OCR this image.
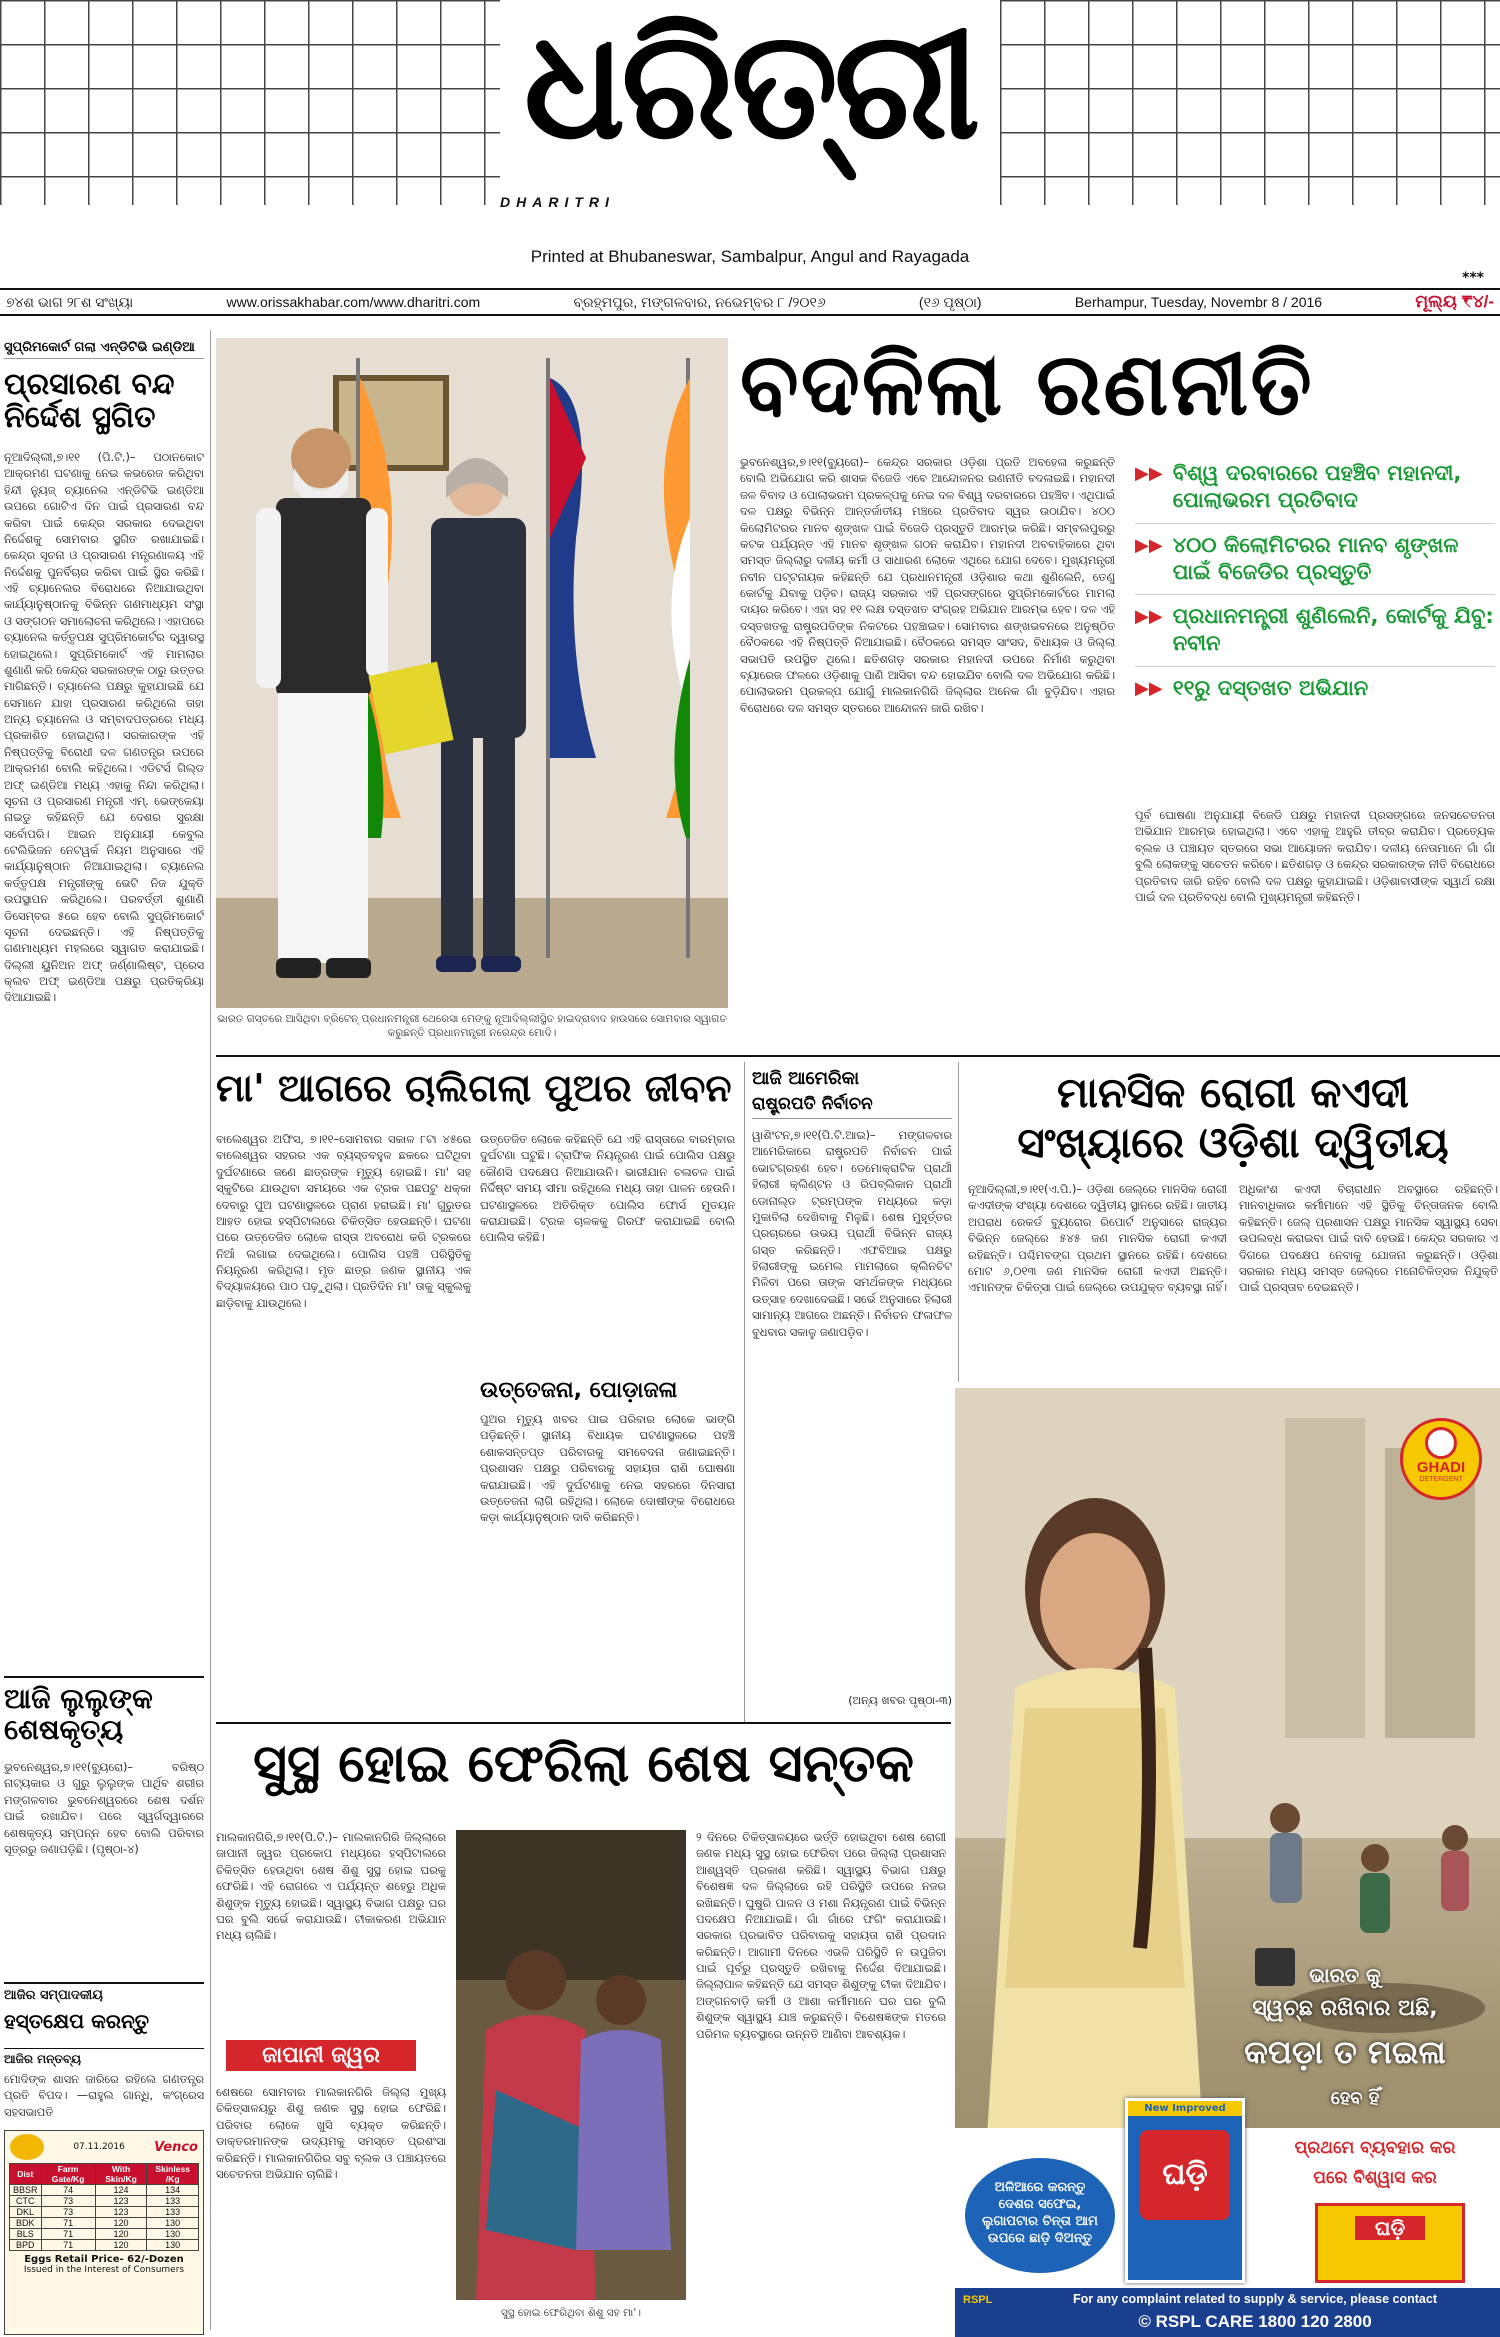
ଧରିତ୍ରୀ
DHARITRI
Printed at Bhubaneswar, Sambalpur, Angul and Rayagada
***
୭୪ଶ ଭାଗ ୨୮ଶ ସଂଖ୍ୟା	www.orissakhabar.com/www.dharitri.com	ବ୍ରହ୍ମପୁର, ମଙ୍ଗଳବାର, ନଭେମ୍ବର ୮ /୨୦୧୬	(୧୬ ପୃଷ୍ଠା)	Berhampur, Tuesday, Novembr 8 / 2016	ମୂଲ୍ୟ ₹୪/-
ସୁପ୍ରିମକୋର୍ଟ ଗଲା ଏନ୍‌ଡିଟିଭି ଇଣ୍ଡିଆ
ପ୍ରସାରଣ ବନ୍ଦ ନିର୍ଦ୍ଦେଶ ସ୍ଥଗିତ
ନୂଆଦିଲ୍ଲୀ,୭।୧୧ (ପି.ଟି.)– ପଠାନକୋଟ ଆକ୍ରମଣ ଘଟଣାକୁ ନେଇ କଭରେଜ କରିଥିବା ହିନ୍ଦୀ ନ୍ୟୁଜ୍ ଚ୍ୟାନେଲ ଏନ୍‌ଡିଟିଭି ଇଣ୍ଡିଆ ଉପରେ ଗୋଟିଏ ଦିନ ପାଇଁ ପ୍ରସାରଣ ବନ୍ଦ କରିବା ପାଇଁ କେନ୍ଦ୍ର ସରକାର ଦେଇଥିବା ନିର୍ଦ୍ଦେଶକୁ ସୋମବାର ସ୍ଥଗିତ ରଖାଯାଇଛି। କେନ୍ଦ୍ର ସୂଚନା ଓ ପ୍ରସାରଣ ମନ୍ତ୍ରଣାଳୟ ଏହି ନିର୍ଦ୍ଦେଶକୁ ପୁନର୍ବିଚାର କରିବା ପାଇଁ ସ୍ଥିର କରିଛି। ଏହି ଚ୍ୟାନେଲର ବିରୋଧରେ ନିଆଯାଇଥିବା କାର୍ଯ୍ୟାନୁଷ୍ଠାନକୁ ବିଭିନ୍ନ ଗଣମାଧ୍ୟମ ସଂସ୍ଥା ଓ ସଙ୍ଗଠନ ସମାଲୋଚନା କରିଥିଲେ। ଏହାପରେ ଚ୍ୟାନେଲ କର୍ତ୍ତୃପକ୍ଷ ସୁପ୍ରିମକୋର୍ଟର ଦ୍ୱାରସ୍ଥ ହୋଇଥିଲେ। ସୁପ୍ରିମକୋର୍ଟ ଏହି ମାମଲାର ଶୁଣାଣି କରି କେନ୍ଦ୍ର ସରକାରଙ୍କ ଠାରୁ ଉତ୍ତର ମାଗିଛନ୍ତି। ଚ୍ୟାନେଲ ପକ୍ଷରୁ କୁହାଯାଇଛି ଯେ ସେମାନେ ଯାହା ପ୍ରସାରଣ କରିଥିଲେ ତାହା ଅନ୍ୟ ଚ୍ୟାନେଲ ଓ ସମ୍ବାଦପତ୍ରରେ ମଧ୍ୟ ପ୍ରକାଶିତ ହୋଇଥିଲା। ସରକାରଙ୍କ ଏହି ନିଷ୍ପତ୍ତିକୁ ବିରୋଧୀ ଦଳ ଗଣତନ୍ତ୍ର ଉପରେ ଆକ୍ରମଣ ବୋଲି କହିଥିଲେ। ଏଡିଟର୍ସ ଗିଲ୍ଡ ଅଫ୍ ଇଣ୍ଡିଆ ମଧ୍ୟ ଏହାକୁ ନିନ୍ଦା କରିଥିଲା। ସୂଚନା ଓ ପ୍ରସାରଣ ମନ୍ତ୍ରୀ ଏମ୍. ଭେଙ୍କେୟା ନାଇଡୁ କହିଛନ୍ତି ଯେ ଦେଶର ସୁରକ୍ଷା ସର୍ବୋପରି। ଆଇନ ଅନୁଯାୟୀ କେବୁଲ ଟେଲିଭିଜନ ନେଟୱର୍କ ନିୟମ ଅନୁସାରେ ଏହି କାର୍ଯ୍ୟାନୁଷ୍ଠାନ ନିଆଯାଇଥିଲା। ଚ୍ୟାନେଲ କର୍ତ୍ତୃପକ୍ଷ ମନ୍ତ୍ରୀଙ୍କୁ ଭେଟି ନିଜ ଯୁକ୍ତି ଉପସ୍ଥାପନ କରିଥିଲେ। ପରବର୍ତ୍ତୀ ଶୁଣାଣି ଡିସେମ୍ବର ୫ରେ ହେବ ବୋଲି ସୁପ୍ରିମକୋର୍ଟ ସୂଚନା ଦେଇଛନ୍ତି। ଏହି ନିଷ୍ପତ୍ତିକୁ ଗଣମାଧ୍ୟମ ମହଲରେ ସ୍ୱାଗତ କରାଯାଇଛି। ଦିଲ୍ଲୀ ୟୁନିଅନ ଅଫ୍ ଜର୍ଣ୍ଣାଲିଷ୍ଟ, ପ୍ରେସ କ୍ଲବ ଅଫ୍ ଇଣ୍ଡିଆ ପକ୍ଷରୁ ପ୍ରତିକ୍ରିୟା ଦିଆଯାଇଛି।
ଆଜି ଲୁଲୁଙ୍କ ଶେଷକୃତ୍ୟ
ଭୁବନେଶ୍ୱର,୭।୧୧(ବ୍ୟୁରୋ)– ବରିଷ୍ଠ ନାଟ୍ୟକାର ଓ ଗୁରୁ ଲୁଲୁଙ୍କ ପାର୍ଥିବ ଶରୀର ମଙ୍ଗଳବାର ଭୁବନେଶ୍ୱରରେ ଶେଷ ଦର୍ଶନ ପାଇଁ ରଖାଯିବ। ପରେ ସ୍ୱର୍ଗଦ୍ୱାରରେ ଶେଷକୃତ୍ୟ ସମ୍ପନ୍ନ ହେବ ବୋଲି ପରିବାର ସୂତ୍ରରୁ ଜଣାପଡ଼ିଛି। (ପୃଷ୍ଠା-୪)
ଆଜିର ସମ୍ପାଦକୀୟ
ହସ୍ତକ୍ଷେପ କରନ୍ତୁ
ଆଜିର ମନ୍ତବ୍ୟ
ମୋଦିଙ୍କ ଶାସନ ଜାରିରେ ରହିଲେ ଗଣତନ୍ତ୍ର ପ୍ରତି ବିପଦ। —ରାହୁଲ ଗାନ୍ଧି, କଂଗ୍ରେସ ସହସଭାପତି
07.11.2016 Venco
Dist	Farm Gate/Kg	With Skin/Kg	Skinless /Kg
BBSR	74	124	134
CTC	73	123	133
DKL	73	123	133
BDK	71	120	130
BLS	71	120	130
BPD	71	120	130
Eggs Retail Price- 62/-Dozen
Issued in the Interest of Consumers
ଭାରତ ଗସ୍ତରେ ଆସିଥିବା ବ୍ରିଟେନ୍ ପ୍ରଧାନମନ୍ତ୍ରୀ ଥେରେସା ମେଙ୍କୁ ନୂଆଦିଲ୍ଲୀସ୍ଥିତ ହାଇଦ୍ରାବାଦ ହାଉସରେ ସୋମବାର ସ୍ୱାଗତ କରୁଛନ୍ତି ପ୍ରଧାନମନ୍ତ୍ରୀ ନରେନ୍ଦ୍ର ମୋଦି।
ବଦଳିଲା ରଣନୀତି
ଭୁବନେଶ୍ୱର,୭।୧୧(ବ୍ୟୁରୋ)– କେନ୍ଦ୍ର ସରକାର ଓଡ଼ିଶା ପ୍ରତି ଅବହେଳା କରୁଛନ୍ତି ବୋଲି ଅଭିଯୋଗ କରି ଶାସକ ବିଜେଡି ଏବେ ଆନ୍ଦୋଳନର ରଣନୀତି ବଦଳାଇଛି। ମହାନଦୀ ଜଳ ବିବାଦ ଓ ପୋଲାଭରମ ପ୍ରକଳ୍ପକୁ ନେଇ ଦଳ ବିଶ୍ୱ ଦରବାରରେ ପହଞ୍ଚିବ। ଏଥିପାଇଁ ଦଳ ପକ୍ଷରୁ ବିଭିନ୍ନ ଆନ୍ତର୍ଜାତୀୟ ମଞ୍ଚରେ ପ୍ରତିବାଦ ସ୍ୱର ଉଠାଯିବ। ୪୦୦ କିଲୋମିଟରର ମାନବ ଶୃଙ୍ଖଳ ପାଇଁ ବିଜେଡି ପ୍ରସ୍ତୁତି ଆରମ୍ଭ କରିଛି। ସମ୍ବଲପୁରରୁ କଟକ ପର୍ଯ୍ୟନ୍ତ ଏହି ମାନବ ଶୃଙ୍ଖଳ ଗଠନ କରାଯିବ। ମହାନଦୀ ଅବବାହିକାରେ ଥିବା ସମସ୍ତ ଜିଲ୍ଲାରୁ ଦଳୀୟ କର୍ମୀ ଓ ସାଧାରଣ ଲୋକେ ଏଥିରେ ଯୋଗ ଦେବେ। ମୁଖ୍ୟମନ୍ତ୍ରୀ ନବୀନ ପଟ୍ଟନାୟକ କହିଛନ୍ତି ଯେ ପ୍ରଧାନମନ୍ତ୍ରୀ ଓଡ଼ିଶାର କଥା ଶୁଣିଲେନି, ତେଣୁ କୋର୍ଟକୁ ଯିବାକୁ ପଡ଼ିବ। ରାଜ୍ୟ ସରକାର ଏହି ପ୍ରସଙ୍ଗରେ ସୁପ୍ରିମକୋର୍ଟରେ ମାମଲା ଦାୟର କରିବେ। ଏହା ସହ ୧୧ ଲକ୍ଷ ଦସ୍ତଖତ ସଂଗ୍ରହ ଅଭିଯାନ ଆରମ୍ଭ ହେବ। ଦଳ ଏହି ଦସ୍ତଖତକୁ ରାଷ୍ଟ୍ରପତିଙ୍କ ନିକଟରେ ପହଞ୍ଚାଇବ। ସୋମବାର ଶଙ୍ଖଭବନରେ ଅନୁଷ୍ଠିତ ବୈଠକରେ ଏହି ନିଷ୍ପତ୍ତି ନିଆଯାଇଛି। ବୈଠକରେ ସମସ୍ତ ସାଂସଦ, ବିଧାୟକ ଓ ଜିଲ୍ଲା ସଭାପତି ଉପସ୍ଥିତ ଥିଲେ। ଛତିଶଗଡ଼ ସରକାର ମହାନଦୀ ଉପରେ ନିର୍ମାଣ କରୁଥିବା ବ୍ୟାରେଜ ଫଳରେ ଓଡ଼ିଶାକୁ ପାଣି ଆସିବା ବନ୍ଦ ହୋଇଯିବ ବୋଲି ଦଳ ଅଭିଯୋଗ କରିଛି। ପୋଲାଭରମ ପ୍ରକଳ୍ପ ଯୋଗୁଁ ମାଲକାନଗିରି ଜିଲ୍ଲାର ଅନେକ ଗାଁ ବୁଡ଼ିଯିବ। ଏହାର ବିରୋଧରେ ଦଳ ସମସ୍ତ ସ୍ତରରେ ଆନ୍ଦୋଳନ ଜାରି ରଖିବ।
▶▶ ବିଶ୍ୱ ଦରବାରରେ ପହଞ୍ଚିବ ମହାନଦୀ, ପୋଲାଭରମ ପ୍ରତିବାଦ
▶▶ ୪୦୦ କିଲୋମିଟରର ମାନବ ଶୃଙ୍ଖଳ ପାଇଁ ବିଜେଡିର ପ୍ରସ୍ତୁତି
▶▶ ପ୍ରଧାନମନ୍ତ୍ରୀ ଶୁଣିଲେନି, କୋର୍ଟକୁ ଯିବୁ: ନବୀନ
▶▶ ୧୧ରୁ ଦସ୍ତଖତ ଅଭିଯାନ
ପୂର୍ବ ଘୋଷଣା ଅନୁଯାୟୀ ବିଜେଡି ପକ୍ଷରୁ ମହାନଦୀ ପ୍ରସଙ୍ଗରେ ଜନସଚେତନତା ଅଭିଯାନ ଆରମ୍ଭ ହୋଇଥିଲା। ଏବେ ଏହାକୁ ଆହୁରି ତୀବ୍ର କରାଯିବ। ପ୍ରତ୍ୟେକ ବ୍ଲକ ଓ ପଞ୍ଚାୟତ ସ୍ତରରେ ସଭା ଆୟୋଜନ କରାଯିବ। ଦଳୀୟ ନେତାମାନେ ଗାଁ ଗାଁ ବୁଲି ଲୋକଙ୍କୁ ସଚେତନ କରିବେ। ଛତିଶଗଡ଼ ଓ କେନ୍ଦ୍ର ସରକାରଙ୍କ ନୀତି ବିରୋଧରେ ପ୍ରତିବାଦ ଜାରି ରହିବ ବୋଲି ଦଳ ପକ୍ଷରୁ କୁହାଯାଇଛି। ଓଡ଼ିଶାବାସୀଙ୍କ ସ୍ୱାର୍ଥ ରକ୍ଷା ପାଇଁ ଦଳ ପ୍ରତିବଦ୍ଧ ବୋଲି ମୁଖ୍ୟମନ୍ତ୍ରୀ କହିଛନ୍ତି।
ମା' ଆଗରେ ଚାଲିଗଲା ପୁଅର ଜୀବନ
ବାଲେଶ୍ୱର ଅଫିସ, ୭।୧୧–ସୋମବାର ସକାଳ ୮ଟା ୪୫ରେ ବାଲେଶ୍ୱର ସହରର ଏକ ବ୍ୟସ୍ତବହୁଳ ଛକରେ ଘଟିଥିବା ଦୁର୍ଘଟଣାରେ ଜଣେ ଛାତ୍ରଙ୍କ ମୃତ୍ୟୁ ହୋଇଛି। ମା' ସହ ସ୍କୁଟିରେ ଯାଉଥିବା ସମୟରେ ଏକ ଟ୍ରକ ପଛପଟୁ ଧକ୍କା ଦେବାରୁ ପୁଅ ଘଟଣାସ୍ଥଳରେ ପ୍ରାଣ ହରାଇଛି। ମା' ଗୁରୁତର ଆହତ ହୋଇ ହସ୍ପିଟାଲରେ ଚିକିତ୍ସିତ ହେଉଛନ୍ତି। ଘଟଣା ପରେ ଉତ୍ତେଜିତ ଲୋକେ ରାସ୍ତା ଅବରୋଧ କରି ଟ୍ରକରେ ନିଆଁ ଲଗାଇ ଦେଇଥିଲେ। ପୋଲିସ ପହଞ୍ଚି ପରିସ୍ଥିତିକୁ ନିୟନ୍ତ୍ରଣ କରିଥିଲା। ମୃତ ଛାତ୍ର ଜଣକ ସ୍ଥାନୀୟ ଏକ ବିଦ୍ୟାଳୟରେ ପାଠ ପଢ଼ୁଥିଲା। ପ୍ରତିଦିନ ମା' ତାକୁ ସ୍କୁଲକୁ ଛାଡ଼ିବାକୁ ଯାଉଥିଲେ।
ଉତ୍ତେଜିତ ଲୋକେ କହିଛନ୍ତି ଯେ ଏହି ରାସ୍ତାରେ ବାରମ୍ବାର ଦୁର୍ଘଟଣା ଘଟୁଛି। ଟ୍ରାଫିକ ନିୟନ୍ତ୍ରଣ ପାଇଁ ପୋଲିସ ପକ୍ଷରୁ କୌଣସି ପଦକ୍ଷେପ ନିଆଯାଉନି। ଭାରୀଯାନ ଚଳାଚଳ ପାଇଁ ନିର୍ଦ୍ଦିଷ୍ଟ ସମୟ ସୀମା ରହିଥିଲେ ମଧ୍ୟ ତାହା ପାଳନ ହେଉନି। ଘଟଣାସ୍ଥଳରେ ଅତିରିକ୍ତ ପୋଲିସ ଫୋର୍ସ ମୁତୟନ କରାଯାଇଛି। ଟ୍ରକ ଚାଳକକୁ ଗିରଫ କରାଯାଇଛି ବୋଲି ପୋଲିସ କହିଛି।
ଉତ୍ତେଜନା, ପୋଡ଼ାଜଳା
ପୁଅର ମୃତ୍ୟୁ ଖବର ପାଇ ପରିବାର ଲୋକେ ଭାଙ୍ଗି ପଡ଼ିଛନ୍ତି। ସ୍ଥାନୀୟ ବିଧାୟକ ଘଟଣାସ୍ଥଳରେ ପହଞ୍ଚି ଶୋକସନ୍ତପ୍ତ ପରିବାରକୁ ସମବେଦନା ଜଣାଇଛନ୍ତି। ପ୍ରଶାସନ ପକ୍ଷରୁ ପରିବାରକୁ ସହାୟତା ରାଶି ଘୋଷଣା କରାଯାଇଛି। ଏହି ଦୁର୍ଘଟଣାକୁ ନେଇ ସହରରେ ଦିନସାରା ଉତ୍ତେଜନା ଲାଗି ରହିଥିଲା। ଲୋକେ ଦୋଷୀଙ୍କ ବିରୋଧରେ କଡ଼ା କାର୍ଯ୍ୟାନୁଷ୍ଠାନ ଦାବି କରିଛନ୍ତି।
ଆଜି ଆମେରିକା
ରାଷ୍ଟ୍ରପତି ନିର୍ବାଚନ
ୱାଶିଂଟନ,୭।୧୧(ପି.ଟି.ଆଇ)– ମଙ୍ଗଳବାର ଆମେରିକାରେ ରାଷ୍ଟ୍ରପତି ନିର୍ବାଚନ ପାଇଁ ଭୋଟଗ୍ରହଣ ହେବ। ଡେମୋକ୍ରାଟିକ ପ୍ରାର୍ଥୀ ହିଲାରୀ କ୍ଲିଣ୍ଟନ ଓ ରିପବ୍ଲିକାନ ପ୍ରାର୍ଥୀ ଡୋନାଲ୍ଡ ଟ୍ରମ୍ପଙ୍କ ମଧ୍ୟରେ କଡ଼ା ମୁକାବିଲା ଦେଖିବାକୁ ମିଳୁଛି। ଶେଷ ମୁହୂର୍ତ୍ତର ପ୍ରଚାରରେ ଉଭୟ ପ୍ରାର୍ଥୀ ବିଭିନ୍ନ ରାଜ୍ୟ ଗସ୍ତ କରିଛନ୍ତି। ଏଫବିଆଇ ପକ୍ଷରୁ ହିଲାରୀଙ୍କୁ ଇମେଲ ମାମଲାରେ କ୍ଲିନଚିଟ ମିଳିବା ପରେ ତାଙ୍କ ସମର୍ଥକଙ୍କ ମଧ୍ୟରେ ଉତ୍ସାହ ଦେଖାଦେଇଛି। ସର୍ଭେ ଅନୁସାରେ ହିଲାରୀ ସାମାନ୍ୟ ଆଗରେ ଅଛନ୍ତି। ନିର୍ବାଚନ ଫଳାଫଳ ବୁଧବାର ସକାଳୁ ଜଣାପଡ଼ିବ।
(ଅନ୍ୟ ଖବର ପୃଷ୍ଠା-୩)
ମାନସିକ ରୋଗୀ କଏଦୀ ସଂଖ୍ୟାରେ ଓଡ଼ିଶା ଦ୍ୱିତୀୟ
ନୂଆଦିଲ୍ଲୀ,୭।୧୧(ଏ.ପି.)– ଓଡ଼ିଶା ଜେଲ୍‌ରେ ମାନସିକ ରୋଗୀ କଏଦୀଙ୍କ ସଂଖ୍ୟା ଦେଶରେ ଦ୍ୱିତୀୟ ସ୍ଥାନରେ ରହିଛି। ଜାତୀୟ ଅପରାଧ ରେକର୍ଡ ବ୍ୟୁରୋର ରିପୋର୍ଟ ଅନୁସାରେ ରାଜ୍ୟର ବିଭିନ୍ନ ଜେଲ୍‌ରେ ୫୪୫ ଜଣ ମାନସିକ ରୋଗୀ କଏଦୀ ରହିଛନ୍ତି। ପଶ୍ଚିମବଙ୍ଗ ପ୍ରଥମ ସ୍ଥାନରେ ରହିଛି। ଦେଶରେ ମୋଟ ୬,୦୧୩ ଜଣ ମାନସିକ ରୋଗୀ କଏଦୀ ଅଛନ୍ତି। ଏମାନଙ୍କ ଚିକିତ୍ସା ପାଇଁ ଜେଲ୍‌ରେ ଉପଯୁକ୍ତ ବ୍ୟବସ୍ଥା ନାହିଁ। ଅଧିକାଂଶ କଏଦୀ ବିଚାରାଧୀନ ଅବସ୍ଥାରେ ରହିଛନ୍ତି। ମାନବାଧିକାର କର୍ମୀମାନେ ଏହି ସ୍ଥିତିକୁ ଚିନ୍ତାଜନକ ବୋଲି କହିଛନ୍ତି। ଜେଲ୍ ପ୍ରଶାସନ ପକ୍ଷରୁ ମାନସିକ ସ୍ୱାସ୍ଥ୍ୟ ସେବା ଉପଲବ୍ଧ କରାଇବା ପାଇଁ ଦାବି ହେଉଛି। କେନ୍ଦ୍ର ସରକାର ଏ ଦିଗରେ ପଦକ୍ଷେପ ନେବାକୁ ଯୋଜନା କରୁଛନ୍ତି। ଓଡ଼ିଶା ସରକାର ମଧ୍ୟ ସମସ୍ତ ଜେଲ୍‌ରେ ମନୋଚିକିତ୍ସକ ନିଯୁକ୍ତି ପାଇଁ ପ୍ରସ୍ତାବ ଦେଇଛନ୍ତି।
GHADI
DETERGENT
ଭାରତ କୁ
ସ୍ୱଚ୍ଛ ରଖିବାର ଅଛି,
କପଡ଼ା ତ ମଇଳା
ହେବ ହିଁ
ଅଳିଆରେ କରନ୍ତୁ ଦେଶର ସଫେଇ, ଲୁଗାପଟାର ଚିନ୍ତା ଆମ ଉପରେ ଛାଡ଼ି ଦିଅନ୍ତୁ
New Improved
ଘଡ଼ି
ପ୍ରଥମେ ବ୍ୟବହାର କର
ପରେ ବିଶ୍ୱାସ କର
ଘଡ଼ି
RSPL	For any complaint related to supply & service, please contact
© RSPL CARE 1800 120 2800
ସୁସ୍ଥ ହୋଇ ଫେରିଲା ଶେଷ ସନ୍ତକ
ମାଲକାନଗିରି,୭।୧୧(ପି.ଟି.)– ମାଲକାନଗିରି ଜିଲ୍ଲାରେ ଜାପାନୀ ଜ୍ୱର ପ୍ରକୋପ ମଧ୍ୟରେ ହସ୍ପିଟାଲରେ ଚିକିତ୍ସିତ ହେଉଥିବା ଶେଷ ଶିଶୁ ସୁସ୍ଥ ହୋଇ ଘରକୁ ଫେରିଛି। ଏହି ରୋଗରେ ଏ ପର୍ଯ୍ୟନ୍ତ ଶହେରୁ ଅଧିକ ଶିଶୁଙ୍କ ମୃତ୍ୟୁ ହୋଇଛି। ସ୍ୱାସ୍ଥ୍ୟ ବିଭାଗ ପକ୍ଷରୁ ଘର ଘର ବୁଲି ସର୍ଭେ କରାଯାଉଛି। ଟୀକାକରଣ ଅଭିଯାନ ମଧ୍ୟ ଚାଲିଛି।
ଜାପାନୀ ଜ୍ୱର
ଶେଷରେ ସୋମବାର ମାଲକାନଗିରି ଜିଲ୍ଲା ମୁଖ୍ୟ ଚିକିତ୍ସାଳୟରୁ ଶିଶୁ ଜଣକ ସୁସ୍ଥ ହୋଇ ଫେରିଛି। ପରିବାର ଲୋକେ ଖୁସି ବ୍ୟକ୍ତ କରିଛନ୍ତି। ଡାକ୍ତରମାନଙ୍କ ଉଦ୍ୟମକୁ ସମସ୍ତେ ପ୍ରଶଂସା କରିଛନ୍ତି। ମାଲକାନଗିରିର ସବୁ ବ୍ଲକ ଓ ପଞ୍ଚାୟତରେ ସଚେତନତା ଅଭିଯାନ ଚାଲିଛି।
ସୁସ୍ଥ ହୋଇ ଫେରିଥିବା ଶିଶୁ ସହ ମା'।
୨ ଦିନରେ ଚିକିତ୍ସାଳୟରେ ଭର୍ତ୍ତି ହୋଇଥିବା ଶେଷ ରୋଗୀ ଜଣକ ମଧ୍ୟ ସୁସ୍ଥ ହୋଇ ଫେରିବା ପରେ ଜିଲ୍ଲା ପ୍ରଶାସନ ଆଶ୍ୱସ୍ତି ପ୍ରକାଶ କରିଛି। ସ୍ୱାସ୍ଥ୍ୟ ବିଭାଗ ପକ୍ଷରୁ ବିଶେଷଜ୍ଞ ଦଳ ଜିଲ୍ଲାରେ ରହି ପରିସ୍ଥିତି ଉପରେ ନଜର ରଖିଛନ୍ତି। ଘୁଷୁରି ପାଳନ ଓ ମଶା ନିୟନ୍ତ୍ରଣ ପାଇଁ ବିଭିନ୍ନ ପଦକ୍ଷେପ ନିଆଯାଇଛି। ଗାଁ ଗାଁରେ ଫଗିଂ କରାଯାଉଛି। ସରକାର ପ୍ରଭାବିତ ପରିବାରକୁ ସହାୟତା ରାଶି ପ୍ରଦାନ କରିଛନ୍ତି। ଆଗାମୀ ଦିନରେ ଏଭଳି ପରିସ୍ଥିତି ନ ଉପୁଜିବା ପାଇଁ ପୂର୍ବରୁ ପ୍ରସ୍ତୁତି ରଖିବାକୁ ନିର୍ଦ୍ଦେଶ ଦିଆଯାଇଛି। ଜିଲ୍ଲାପାଳ କହିଛନ୍ତି ଯେ ସମସ୍ତ ଶିଶୁଙ୍କୁ ଟୀକା ଦିଆଯିବ। ଅଙ୍ଗନବାଡ଼ି କର୍ମୀ ଓ ଆଶା କର୍ମୀମାନେ ଘର ଘର ବୁଲି ଶିଶୁଙ୍କ ସ୍ୱାସ୍ଥ୍ୟ ଯାଞ୍ଚ କରୁଛନ୍ତି। ବିଶେଷଜ୍ଞଙ୍କ ମତରେ ପରିମଳ ବ୍ୟବସ୍ଥାରେ ଉନ୍ନତି ଆଣିବା ଆବଶ୍ୟକ।
